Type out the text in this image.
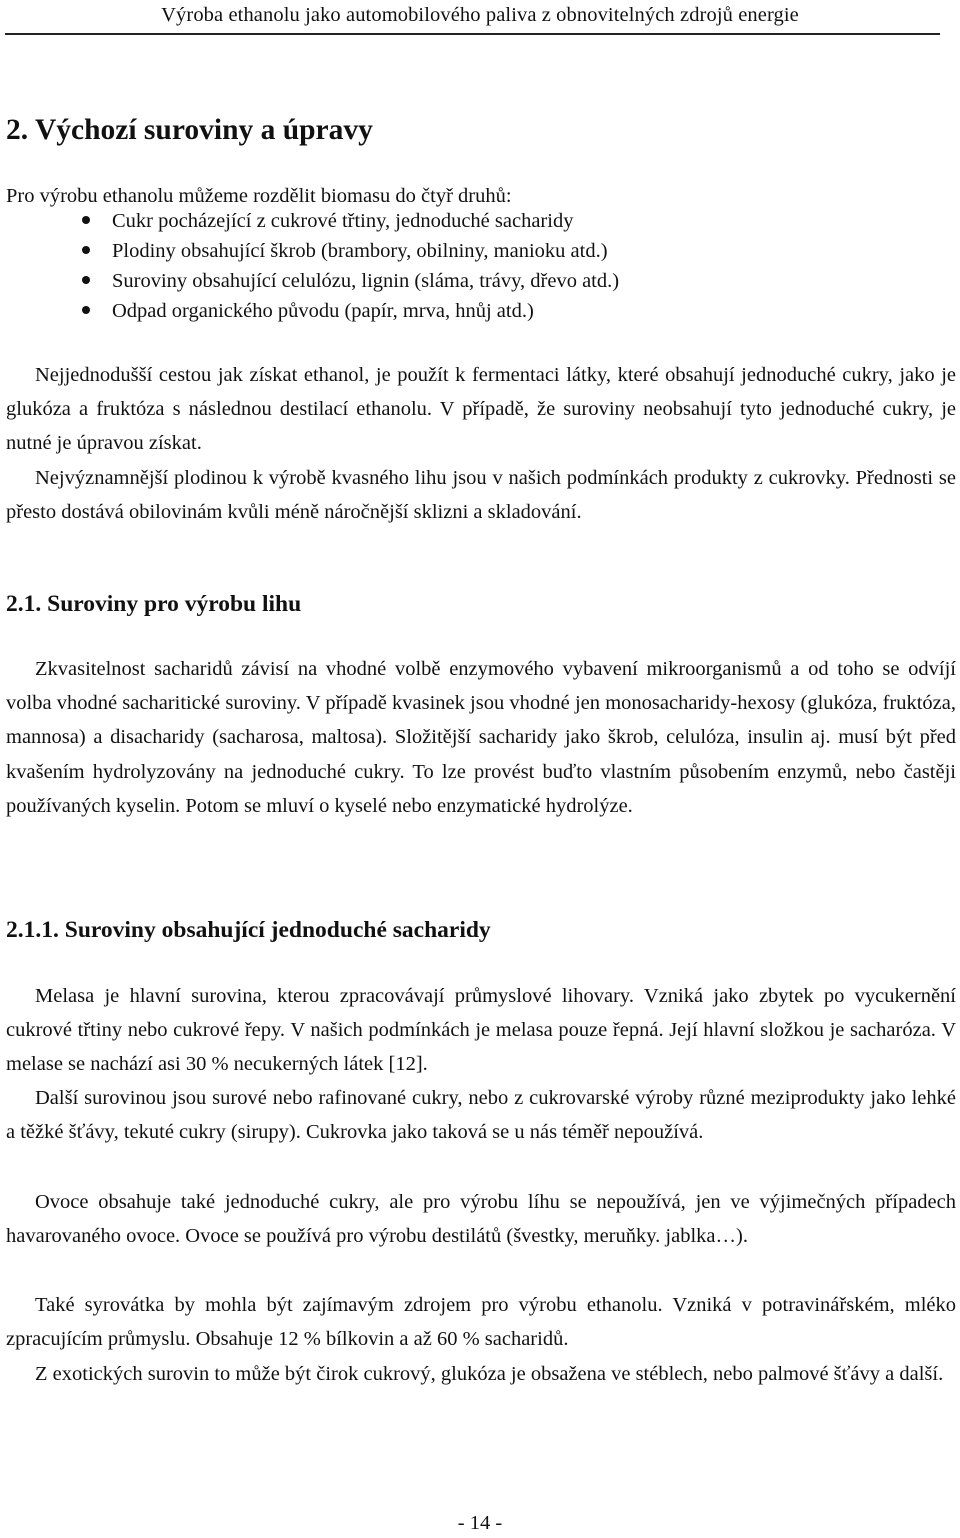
Výroba ethanolu jako automobilového paliva z obnovitelných zdrojů energie
2. Výchozí suroviny a úpravy
Pro výrobu ethanolu můžeme rozdělit biomasu do čtyř druhů:
Cukr pocházející z cukrové třtiny, jednoduché sacharidy
Plodiny obsahující škrob (brambory, obilniny, manioku atd.)
Suroviny obsahující celulózu, lignin (sláma, trávy, dřevo atd.)
Odpad organického původu (papír, mrva, hnůj atd.)
Nejjednodušší cestou jak získat ethanol, je použít k fermentaci látky, které obsahují jednoduché cukry, jako je glukóza a fruktóza s následnou destilací ethanolu. V případě, že suroviny neobsahují tyto jednoduché cukry, je nutné je úpravou získat.
Nejvýznamnější plodinou k výrobě kvasného lihu jsou v našich podmínkách produkty z cukrovky. Přednosti se přesto dostává obilovinám kvůli méně náročnější sklizni a skladování.
2.1. Suroviny pro výrobu lihu
Zkvasitelnost sacharidů závisí na vhodné volbě enzymového vybavení mikroorganismů a od toho se odvíjí volba vhodné sacharitické suroviny. V případě kvasinek jsou vhodné jen monosacharidy-hexosy (glukóza, fruktóza, mannosa) a disacharidy (sacharosa, maltosa). Složitější sacharidy jako škrob, celulóza, insulin aj. musí být před kvašením hydrolyzovány na jednoduché cukry. To lze provést buďto vlastním působením enzymů, nebo častěji používaných kyselin. Potom se mluví o kyselé nebo enzymatické hydrolýze.
2.1.1. Suroviny obsahující jednoduché sacharidy
Melasa je hlavní surovina, kterou zpracovávají průmyslové lihovary. Vzniká jako zbytek po vycukernění cukrové třtiny nebo cukrové řepy. V našich podmínkách je melasa pouze řepná. Její hlavní složkou je sacharóza. V melase se nachází asi 30 % necukerných látek [12].
Další surovinou jsou surové nebo rafinované cukry, nebo z cukrovarské výroby různé meziprodukty jako lehké a těžké šťávy, tekuté cukry (sirupy). Cukrovka jako taková se u nás téměř nepoužívá.
Ovoce obsahuje také jednoduché cukry, ale pro výrobu líhu se nepoužívá, jen ve výjimečných případech havarovaného ovoce. Ovoce se používá pro výrobu destilátů (švestky, meruňky. jablka…).
Také syrovátka by mohla být zajímavým zdrojem pro výrobu ethanolu. Vzniká v potravinářském, mléko zpracujícím průmyslu. Obsahuje 12 % bílkovin a až 60 % sacharidů.
Z exotických surovin to může být čirok cukrový, glukóza je obsažena ve stéblech, nebo palmové šťávy a další.
- 14 -
